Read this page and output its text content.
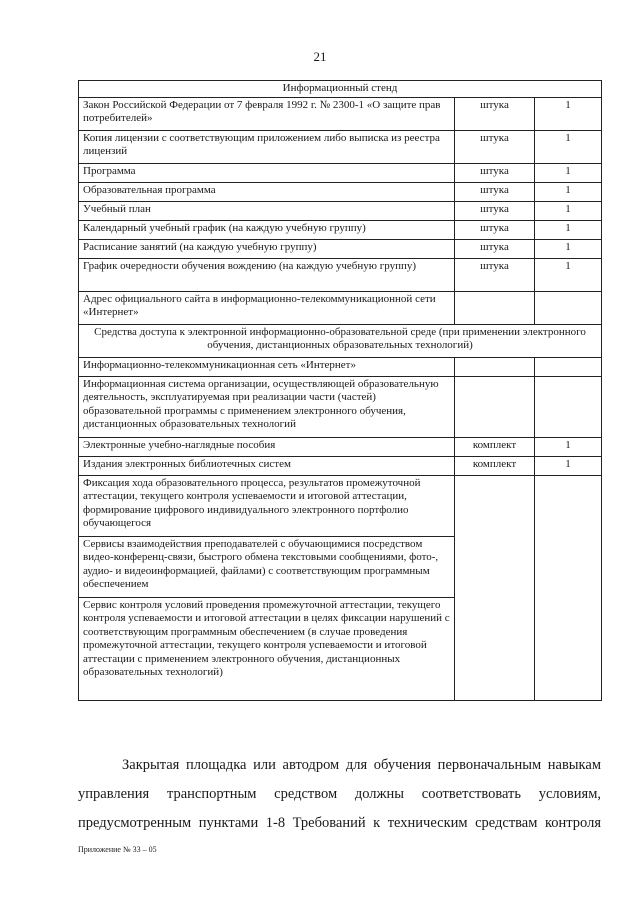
21
Информационный стенд		
Закон Российской Федерации от 7 февраля 1992 г. № 2300-1 «О защите прав потребителей»	штука	1
Копия лицензии с соответствующим приложением либо выписка из реестра лицензий	штука	1
Программа	штука	1
Образовательная программа	штука	1
Учебный план	штука	1
Календарный учебный график (на каждую учебную группу)	штука	1
Расписание занятий (на каждую учебную группу)	штука	1
График очередности обучения вождению (на каждую учебную группу)	штука	1
Адрес официального сайта в информационно-телекоммуникационной сети «Интернет»		
Средства доступа к электронной информационно-образовательной среде (при применении электронного обучения, дистанционных образовательных технологий)		
Информационно-телекоммуникационная сеть «Интернет»		
Информационная система организации, осуществляющей образовательную деятельность, эксплуатируемая при реализации части (частей) образовательной программы с применением электронного обучения, дистанционных образовательных технологий		
Электронные учебно-наглядные пособия	комплект	1
Издания электронных библиотечных систем	комплект	1
Фиксация хода образовательного процесса, результатов промежуточной аттестации, текущего контроля успеваемости и итоговой аттестации, формирование цифрового индивидуального электронного портфолио обучающегося		
Сервисы взаимодействия преподавателей с обучающимися посредством видео-конференц-связи, быстрого обмена текстовыми сообщениями, фото-, аудио- и видеоинформацией, файлами) с соответствующим программным обеспечением		
Сервис контроля условий проведения промежуточной аттестации, текущего контроля успеваемости и итоговой аттестации в целях фиксации нарушений с соответствующим программным обеспечением (в случае проведения промежуточной аттестации, текущего контроля успеваемости и итоговой аттестации с применением электронного обучения, дистанционных образовательных технологий)		

Закрытая площадка или автодром для обучения первоначальным навыкам управления транспортным средством должны соответствовать условиям, предусмотренным пунктами 1-8 Требований к техническим средствам контроля

Приложение № 33 – 05
